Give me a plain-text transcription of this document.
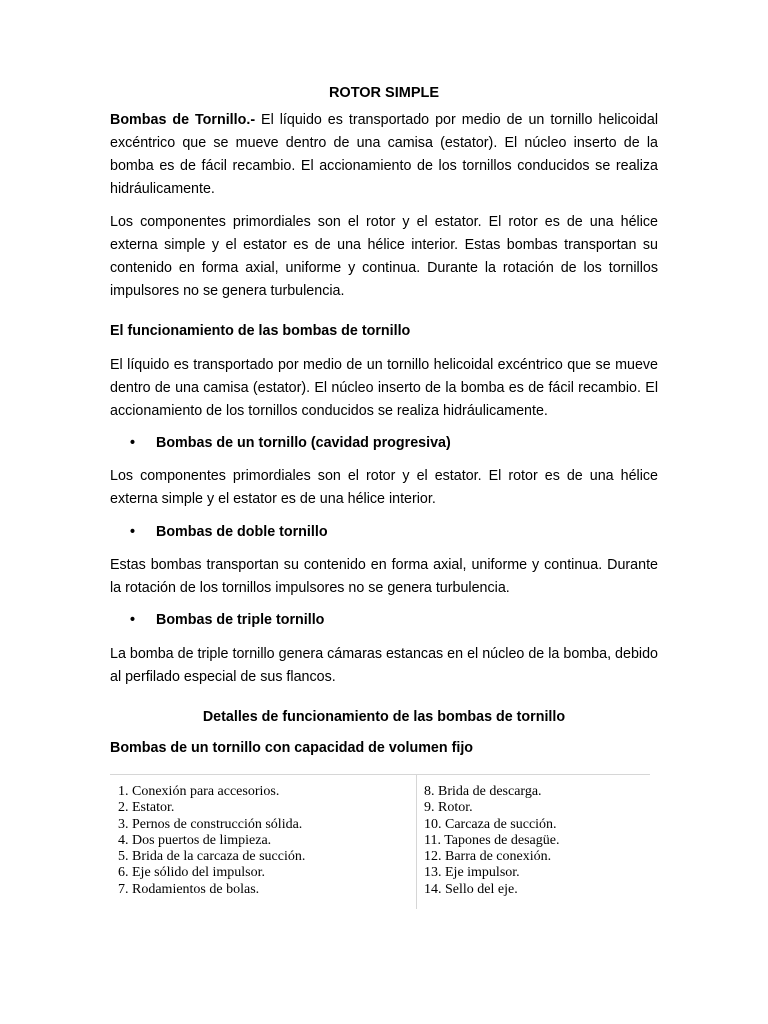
ROTOR SIMPLE
Bombas de Tornillo.- El líquido es transportado por medio de un tornillo helicoidal excéntrico que se mueve dentro de una camisa (estator). El núcleo inserto de la bomba es de fácil recambio. El accionamiento de los tornillos conducidos se realiza hidráulicamente.
Los componentes primordiales son el rotor y el estator. El rotor es de una hélice externa simple y el estator es de una hélice interior. Estas bombas transportan su contenido en forma axial, uniforme y continua. Durante la rotación de los tornillos impulsores no se genera turbulencia.
El funcionamiento de las bombas de tornillo
El líquido es transportado por medio de un tornillo helicoidal excéntrico que se mueve dentro de una camisa (estator). El núcleo inserto de la bomba es de fácil recambio. El accionamiento de los tornillos conducidos se realiza hidráulicamente.
• Bombas de un tornillo (cavidad progresiva)
Los componentes primordiales son el rotor y el estator. El rotor es de una hélice externa simple y el estator es de una hélice interior.
• Bombas de doble tornillo
Estas bombas transportan su contenido en forma axial, uniforme y continua. Durante la rotación de los tornillos impulsores no se genera turbulencia.
• Bombas de triple tornillo
La bomba de triple tornillo genera cámaras estancas en el núcleo de la bomba, debido al perfilado especial de sus flancos.
Detalles de funcionamiento de las bombas de tornillo
Bombas de un tornillo con capacidad de volumen fijo
1. Conexión para accesorios.
2. Estator.
3. Pernos de construcción sólida.
4. Dos puertos de limpieza.
5. Brida de la carcaza de succión.
6. Eje sólido del impulsor.
7. Rodamientos de bolas.
8. Brida de descarga.
9. Rotor.
10. Carcaza de succión.
11. Tapones de desagüe.
12. Barra de conexión.
13. Eje impulsor.
14. Sello del eje.
